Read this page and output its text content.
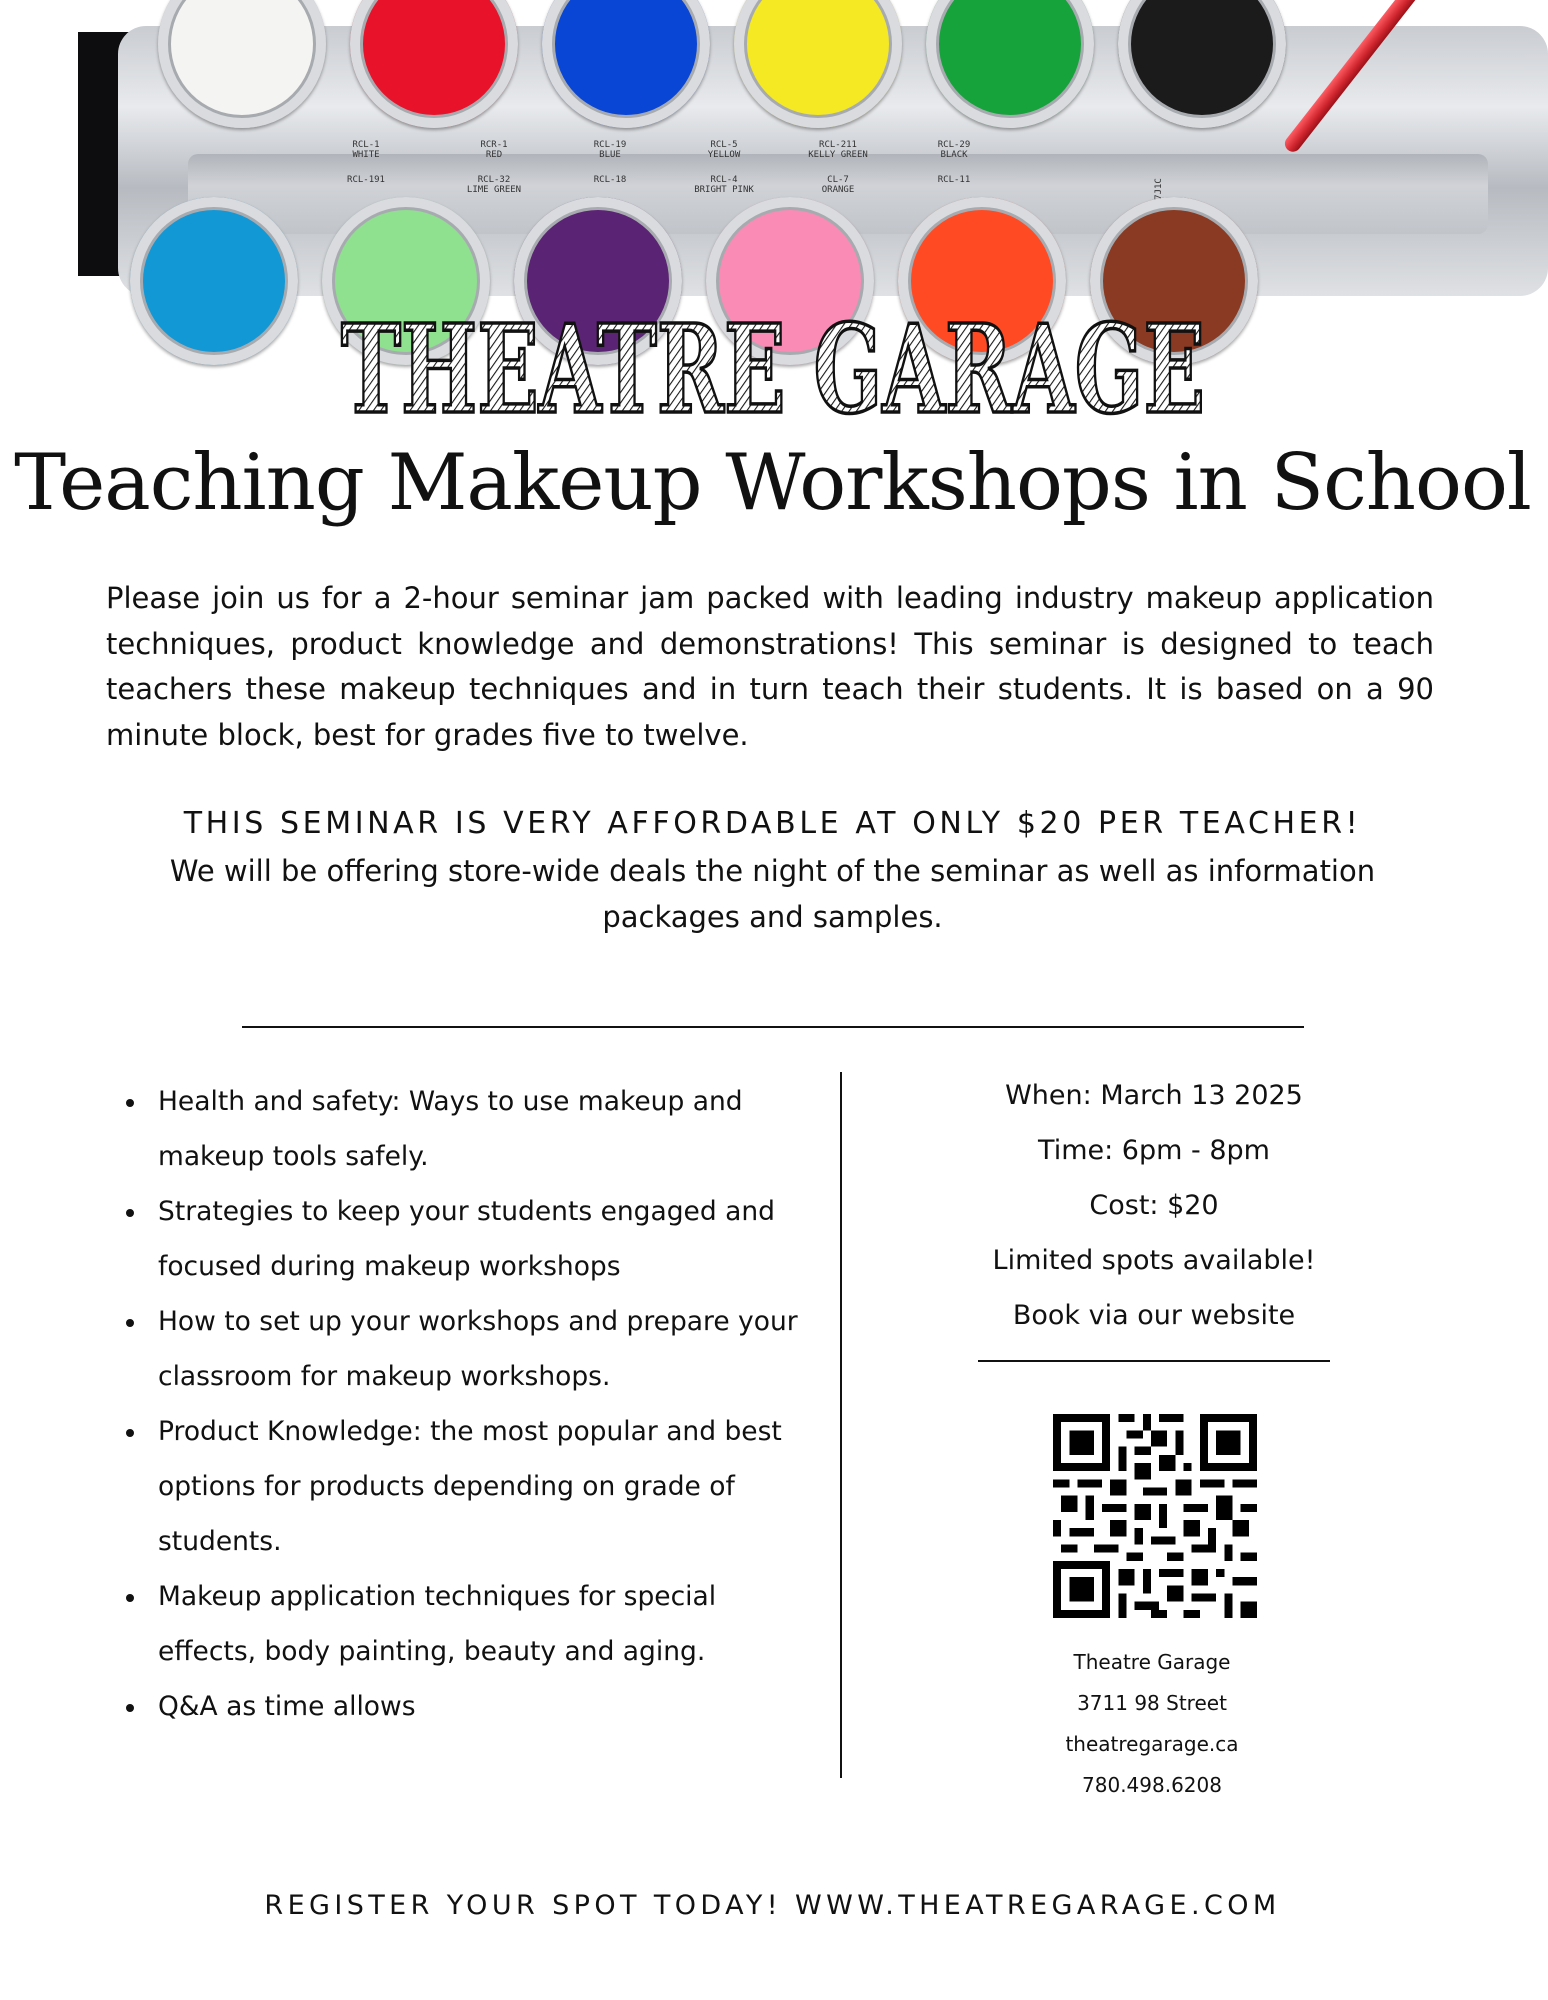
RCL-1
WHITE
RCR-1
RED
RCL-19
BLUE
RCL-5
YELLOW
RCL-211
KELLY GREEN
RCL-29
BLACK
RCL-191	RCL-32
LIME GREEN
RCL-18	RCL-4
BRIGHT PINK
CL-7
ORANGE
RCL-11	7J1C
THEATRE GARAGE
Teaching Makeup Workshops in School

Please join us for a 2-hour seminar jam packed with leading industry makeup application techniques, product knowledge and demonstrations! This seminar is designed to teach teachers these makeup techniques and in turn teach their students. It is based on a 90 minute block, best for grades five to twelve.

THIS SEMINAR IS VERY AFFORDABLE AT ONLY $20 PER TEACHER!

We will be offering store-wide deals the night of the seminar as well as information packages and samples.

Health and safety: Ways to use makeup and makeup tools safely.
Strategies to keep your students engaged and focused during makeup workshops
How to set up your workshops and prepare your classroom for makeup workshops.
Product Knowledge: the most popular and best options for products depending on grade of students.
Makeup application techniques for special effects, body painting, beauty and aging.
Q&A as time allows

When: March 13 2025

Time: 6pm - 8pm

Cost: $20

Limited spots available!

Book via our website

Theatre Garage

3711 98 Street

theatregarage.ca

780.498.6208

REGISTER YOUR SPOT TODAY! WWW.THEATREGARAGE.COM
